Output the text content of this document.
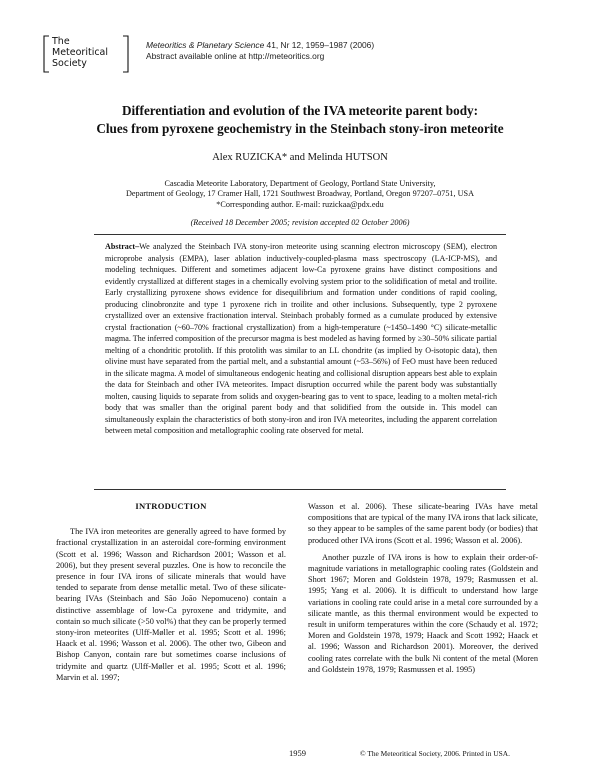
The
Meteoritical
Society
Meteoritics & Planetary Science 41, Nr 12, 1959–1987 (2006)
Abstract available online at http://meteoritics.org
Differentiation and evolution of the IVA meteorite parent body:
Clues from pyroxene geochemistry in the Steinbach stony-iron meteorite
Alex RUZICKA* and Melinda HUTSON
Cascadia Meteorite Laboratory, Department of Geology, Portland State University,
Department of Geology, 17 Cramer Hall, 1721 Southwest Broadway, Portland, Oregon 97207–0751, USA
*Corresponding author. E-mail: ruzickaa@pdx.edu
(Received 18 December 2005; revision accepted 02 October 2006)
Abstract–We analyzed the Steinbach IVA stony-iron meteorite using scanning electron microscopy (SEM), electron microprobe analysis (EMPA), laser ablation inductively-coupled-plasma mass spectroscopy (LA-ICP-MS), and modeling techniques. Different and sometimes adjacent low-Ca pyroxene grains have distinct compositions and evidently crystallized at different stages in a chemically evolving system prior to the solidification of metal and troilite. Early crystallizing pyroxene shows evidence for disequilibrium and formation under conditions of rapid cooling, producing clinobronzite and type 1 pyroxene rich in troilite and other inclusions. Subsequently, type 2 pyroxene crystallized over an extensive fractionation interval. Steinbach probably formed as a cumulate produced by extensive crystal fractionation (~60–70% fractional crystallization) from a high-temperature (~1450–1490 °C) silicate-metallic magma. The inferred composition of the precursor magma is best modeled as having formed by ≥30–50% silicate partial melting of a chondritic protolith. If this protolith was similar to an LL chondrite (as implied by O-isotopic data), then olivine must have separated from the partial melt, and a substantial amount (~53–56%) of FeO must have been reduced in the silicate magma. A model of simultaneous endogenic heating and collisional disruption appears best able to explain the data for Steinbach and other IVA meteorites. Impact disruption occurred while the parent body was substantially molten, causing liquids to separate from solids and oxygen-bearing gas to vent to space, leading to a molten metal-rich body that was smaller than the original parent body and that solidified from the outside in. This model can simultaneously explain the characteristics of both stony-iron and iron IVA meteorites, including the apparent correlation between metal composition and metallographic cooling rate observed for metal.
INTRODUCTION

The IVA iron meteorites are generally agreed to have formed by fractional crystallization in an asteroidal core-forming environment (Scott et al. 1996; Wasson and Richardson 2001; Wasson et al. 2006), but they present several puzzles. One is how to reconcile the presence in four IVA irons of silicate minerals that would have tended to separate from dense metallic metal. Two of these silicate-bearing IVAs (Steinbach and São João Nepomuceno) contain a distinctive assemblage of low-Ca pyroxene and tridymite, and contain so much silicate (>50 vol%) that they can be properly termed stony-iron meteorites (Ulff-Møller et al. 1995; Scott et al. 1996; Haack et al. 1996; Wasson et al. 2006). The other two, Gibeon and Bishop Canyon, contain rare but sometimes coarse inclusions of tridymite and quartz (Ulff-Møller et al. 1995; Scott et al. 1996; Marvin et al. 1997;

Wasson et al. 2006). These silicate-bearing IVAs have metal compositions that are typical of the many IVA irons that lack silicate, so they appear to be samples of the same parent body (or bodies) that produced other IVA irons (Scott et al. 1996; Wasson et al. 2006).

Another puzzle of IVA irons is how to explain their order-of-magnitude variations in metallographic cooling rates (Goldstein and Short 1967; Moren and Goldstein 1978, 1979; Rasmussen et al. 1995; Yang et al. 2006). It is difficult to understand how large variations in cooling rate could arise in a metal core surrounded by a silicate mantle, as this thermal environment would be expected to result in uniform temperatures within the core (Schaudy et al. 1972; Moren and Goldstein 1978, 1979; Haack and Scott 1992; Haack et al. 1996; Wasson and Richardson 2001). Moreover, the derived cooling rates correlate with the bulk Ni content of the metal (Moren and Goldstein 1978, 1979; Rasmussen et al. 1995)

1959	© The Meteoritical Society, 2006. Printed in USA.
